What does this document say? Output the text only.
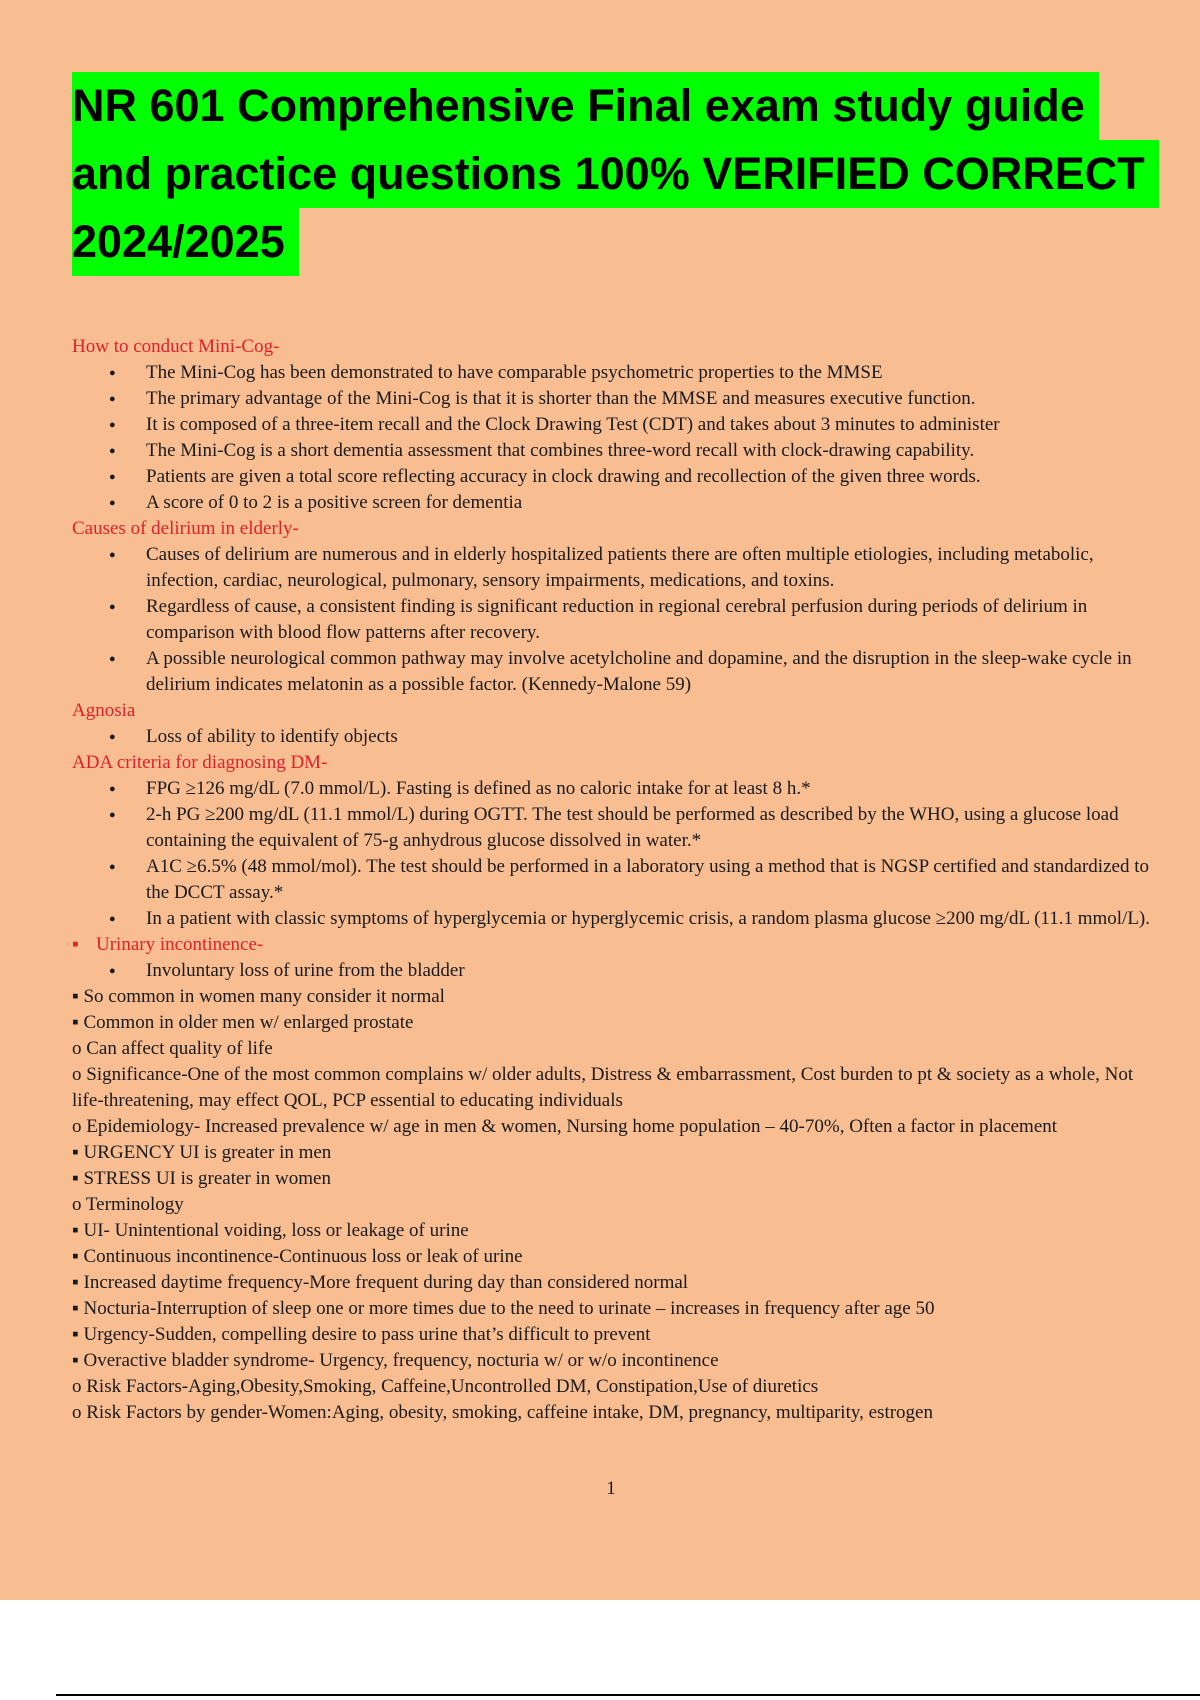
NR 601 Comprehensive Final exam study guide
and practice questions 100% VERIFIED CORRECT
2024/2025
How to conduct Mini-Cog-
● The Mini-Cog has been demonstrated to have comparable psychometric properties to the MMSE
● The primary advantage of the Mini-Cog is that it is shorter than the MMSE and measures executive function.
● It is composed of a three-item recall and the Clock Drawing Test (CDT) and takes about 3 minutes to administer
● The Mini-Cog is a short dementia assessment that combines three-word recall with clock-drawing capability.
● Patients are given a total score reflecting accuracy in clock drawing and recollection of the given three words.
● A score of 0 to 2 is a positive screen for dementia
Causes of delirium in elderly-
● Causes of delirium are numerous and in elderly hospitalized patients there are often multiple etiologies, including metabolic, infection, cardiac, neurological, pulmonary, sensory impairments, medications, and toxins.
● Regardless of cause, a consistent finding is significant reduction in regional cerebral perfusion during periods of delirium in comparison with blood flow patterns after recovery.
● A possible neurological common pathway may involve acetylcholine and dopamine, and the disruption in the sleep-wake cycle in delirium indicates melatonin as a possible factor. (Kennedy-Malone 59)
Agnosia
● Loss of ability to identify objects
ADA criteria for diagnosing DM-
● FPG ≥126 mg/dL (7.0 mmol/L). Fasting is defined as no caloric intake for at least 8 h.*
● 2-h PG ≥200 mg/dL (11.1 mmol/L) during OGTT. The test should be performed as described by the WHO, using a glucose load containing the equivalent of 75-g anhydrous glucose dissolved in water.*
● A1C ≥6.5% (48 mmol/mol). The test should be performed in a laboratory using a method that is NGSP certified and standardized to the DCCT assay.*
● In a patient with classic symptoms of hyperglycemia or hyperglycemic crisis, a random plasma glucose ≥200 mg/dL (11.1 mmol/L).
▪ Urinary incontinence-
● Involuntary loss of urine from the bladder
▪ So common in women many consider it normal
▪ Common in older men w/ enlarged prostate
o Can affect quality of life
o Significance-One of the most common complains w/ older adults, Distress & embarrassment, Cost burden to pt & society as a whole, Not life-threatening, may effect QOL, PCP essential to educating individuals
o Epidemiology- Increased prevalence w/ age in men & women, Nursing home population – 40-70%, Often a factor in placement
▪ URGENCY UI is greater in men
▪ STRESS UI is greater in women
o Terminology
▪ UI- Unintentional voiding, loss or leakage of urine
▪ Continuous incontinence-Continuous loss or leak of urine
▪ Increased daytime frequency-More frequent during day than considered normal
▪ Nocturia-Interruption of sleep one or more times due to the need to urinate – increases in frequency after age 50
▪ Urgency-Sudden, compelling desire to pass urine that’s difficult to prevent
▪ Overactive bladder syndrome- Urgency, frequency, nocturia w/ or w/o incontinence
o Risk Factors-Aging,Obesity,Smoking, Caffeine,Uncontrolled DM, Constipation,Use of diuretics
o Risk Factors by gender-Women:Aging, obesity, smoking, caffeine intake, DM, pregnancy, multiparity, estrogen
1
